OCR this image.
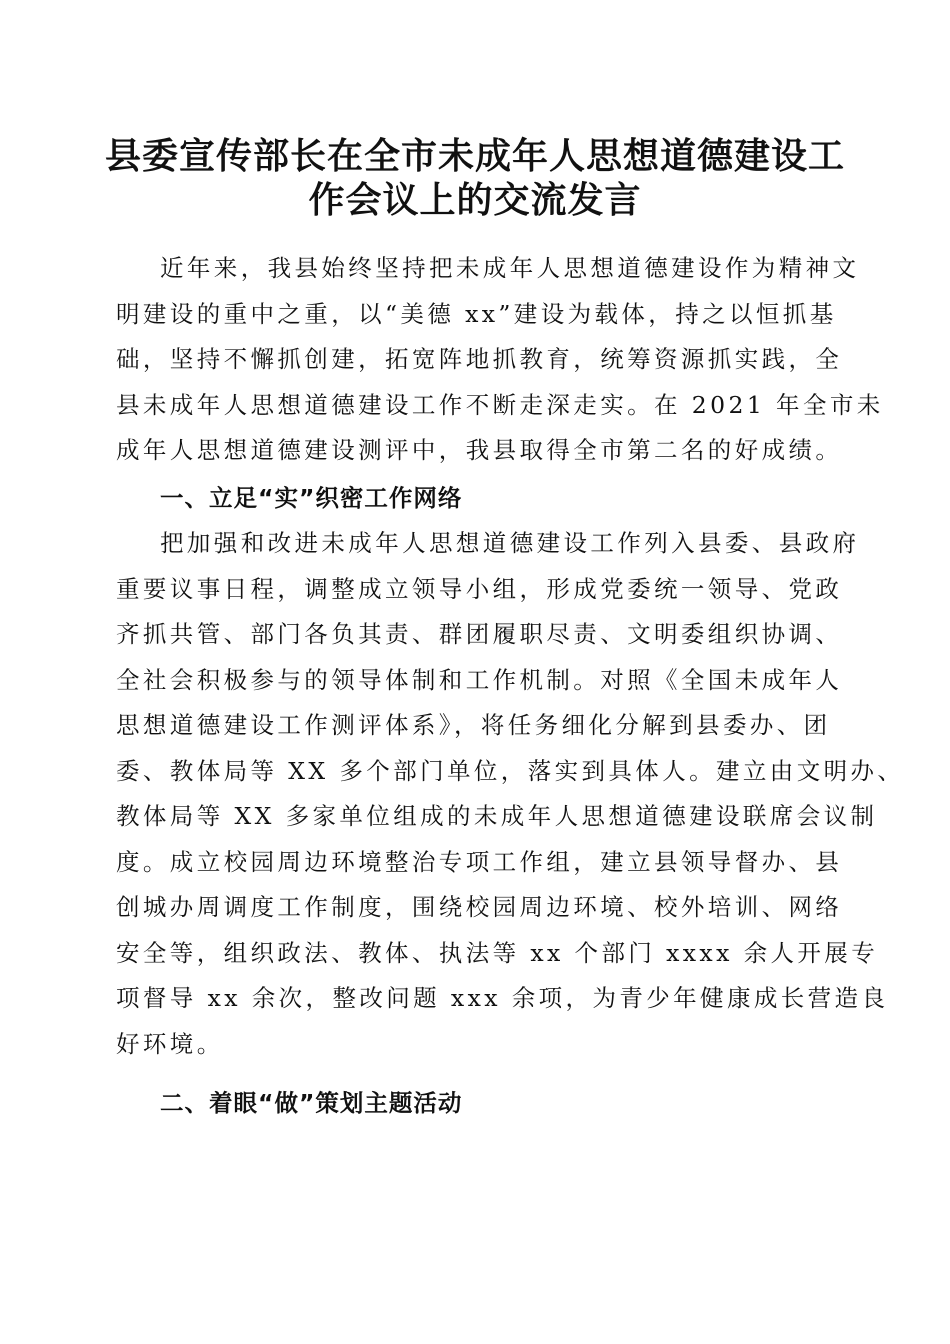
县委宣传部长在全市未成年人思想道德建设工
作会议上的交流发言
近年来，我县始终坚持把未成年人思想道德建设作为精神文
明建设的重中之重，以“美德 xx”建设为载体，持之以恒抓基
础，坚持不懈抓创建，拓宽阵地抓教育，统筹资源抓实践，全
县未成年人思想道德建设工作不断走深走实。在 2021 年全市未
成年人思想道德建设测评中，我县取得全市第二名的好成绩。
一、立足“实”织密工作网络
把加强和改进未成年人思想道德建设工作列入县委、县政府
重要议事日程，调整成立领导小组，形成党委统一领导、党政
齐抓共管、部门各负其责、群团履职尽责、文明委组织协调、
全社会积极参与的领导体制和工作机制。对照《全国未成年人
思想道德建设工作测评体系》，将任务细化分解到县委办、团
委、教体局等 XX 多个部门单位，落实到具体人。建立由文明办、
教体局等 XX 多家单位组成的未成年人思想道德建设联席会议制
度。成立校园周边环境整治专项工作组，建立县领导督办、县
创城办周调度工作制度，围绕校园周边环境、校外培训、网络
安全等，组织政法、教体、执法等 xx 个部门 xxxx 余人开展专
项督导 xx 余次，整改问题 xxx 余项，为青少年健康成长营造良
好环境。
二、着眼“做”策划主题活动
